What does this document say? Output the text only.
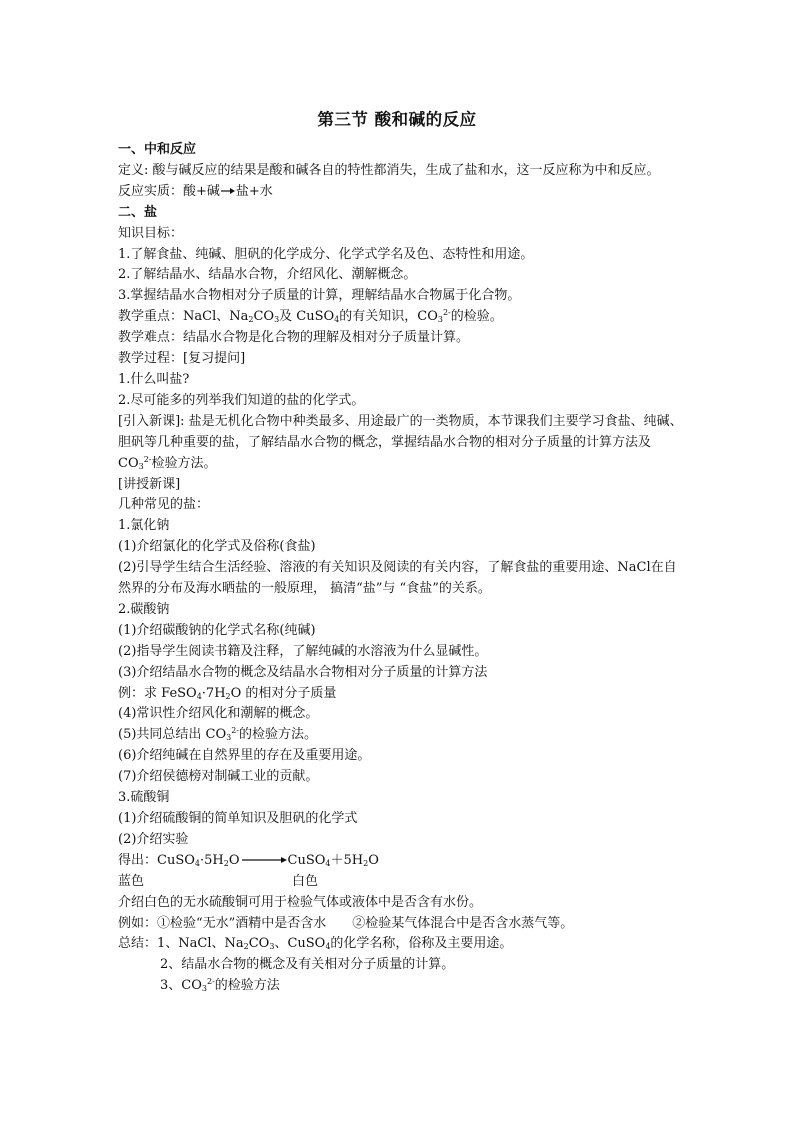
第三节 酸和碱的反应
一、中和反应
定义: 酸与碱反应的结果是酸和碱各自的特性都消失，生成了盐和水，这一反应称为中和反应。
反应实质：酸+碱 盐+水
二、盐
知识目标：
1.了解食盐、纯碱、胆矾的化学成分、化学式学名及色、态特性和用途。
2.了解结晶水、结晶水合物，介绍风化、潮解概念。
3.掌握结晶水合物相对分子质量的计算，理解结晶水合物属于化合物。
教学重点：NaCl、$Na_2CO_3$及 CuSO$_4$的有关知识，$CO_3^{2-}$的检验。
教学难点：结晶水合物是化合物的理解及相对分子质量计算。
教学过程：[复习提问]
1.什么叫盐?
2.尽可能多的列举我们知道的盐的化学式。
[引入新课]: 盐是无机化合物中种类最多、用途最广的一类物质，本节课我们主要学习食盐、纯碱、胆矾等几种重要的盐，了解结晶水合物的概念，掌握结晶水合物的相对分子质量的计算方法及 $CO_3^{2-}$检验方法。
[讲授新课]
几种常见的盐：
1.氯化钠
(1)介绍氯化的化学式及俗称(食盐)
(2)引导学生结合生活经验、溶液的有关知识及阅读的有关内容，了解食盐的重要用途、NaCl在自然界的分布及海水晒盐的一般原理， 搞清“盐”与 “食盐”的关系。
2.碳酸钠
(1)介绍碳酸钠的化学式名称(纯碱)
(2)指导学生阅读书籍及注释，了解纯碱的水溶液为什么显碱性。
(3)介绍结晶水合物的概念及结晶水合物相对分子质量的计算方法
例：求 $FeSO_4\cdot 7H_2O$ 的相对分子质量
(4)常识性介绍风化和潮解的概念。
(5)共同总结出 $CO_3^{2-}$的检验方法。
(6)介绍纯碱在自然界里的存在及重要用途。
(7)介绍侯德榜对制碱工业的贡献。
3.硫酸铜
(1)介绍硫酸铜的简单知识及胆矾的化学式
(2)介绍实验
得出：$CuSO_4\cdot 5H_2O$	$CuSO_4+5H_2O$
蓝色	白色
介绍白色的无水硫酸铜可用于检验气体或液体中是否含有水份。
例如：①检验“无水”酒精中是否含水 ②检验某气体混合中是否含水蒸气等。
总结：1、NaCl、$Na_2CO_3$、CuSO$_4$的化学名称，俗称及主要用途。
2、结晶水合物的概念及有关相对分子质量的计算。
3、$CO_3^{2-}$的检验方法
